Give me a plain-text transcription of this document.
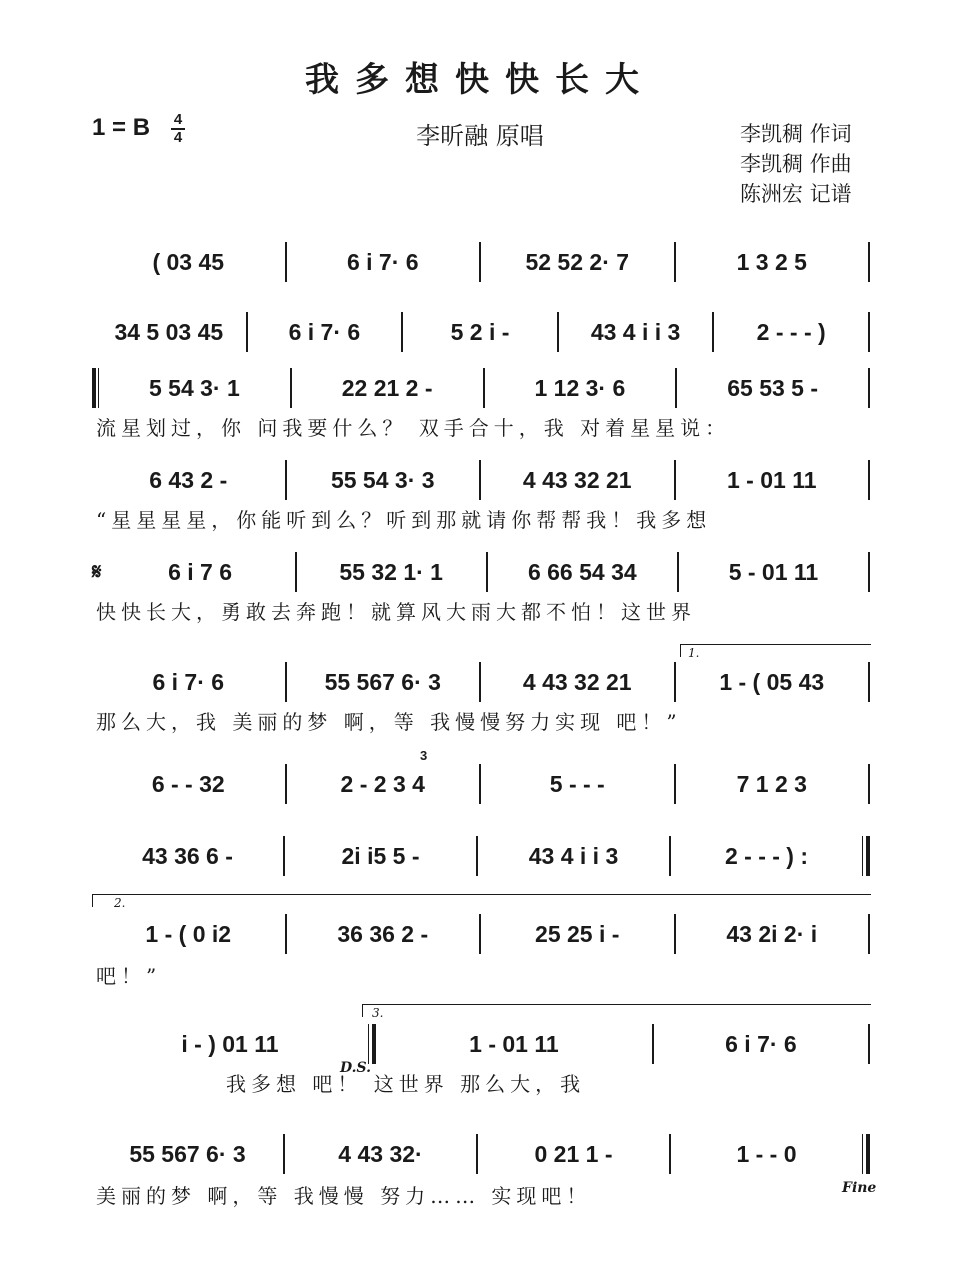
我多想快快长大
1 = B 4
4	李昕融 原唱	李凯稠 作词
李凯稠 作曲
陈洲宏 记谱
( 03 45	6 i 7· 6	52 52 2· 7	1 3 2 5
34 5 03 45	6 i 7· 6	5 2 i -	43 4 i i 3	2 - - - )
5 54 3· 1	22 21 2 -	1 12 3· 6	65 53 5 -
流星划过，你 问我要什么？ 双手合十，我 对着星星说：
6 43 2 -	55 54 3· 3	4 43 32 21	1 - 01 11
“星星星星，你能听到么？听到那就请你帮帮我！我多想
𝄋	6 i 7 6	55 32 1· 1	6 66 54 34	5 - 01 11
快快长大，勇敢去奔跑！就算风大雨大都不怕！这世界
1.
6 i 7· 6	55 567 6· 3	4 43 32 21	1 - ( 05 43
那么大，我 美丽的梦 啊，等 我慢慢努力实现 吧！”
3
6 - - 32	2 - 2 3 4	5 - - -	7 1 2 3
43 36 6 -	2i i5 5 -	43 4 i i 3	2 - - - ) :
2.
1 - ( 0 i2	36 36 2 -	25 25 i -	43 2i 2· i
吧！”
3.
i - ) 01 11	1 - 01 11	6 i 7· 6
D.S.
我多想 吧！ 这世界 那么大，我
55 567 6· 3	4 43 32·	0 21 1 -	1 - - 0
美丽的梦 啊，等 我慢慢 努力…… 实现吧！	Fine
